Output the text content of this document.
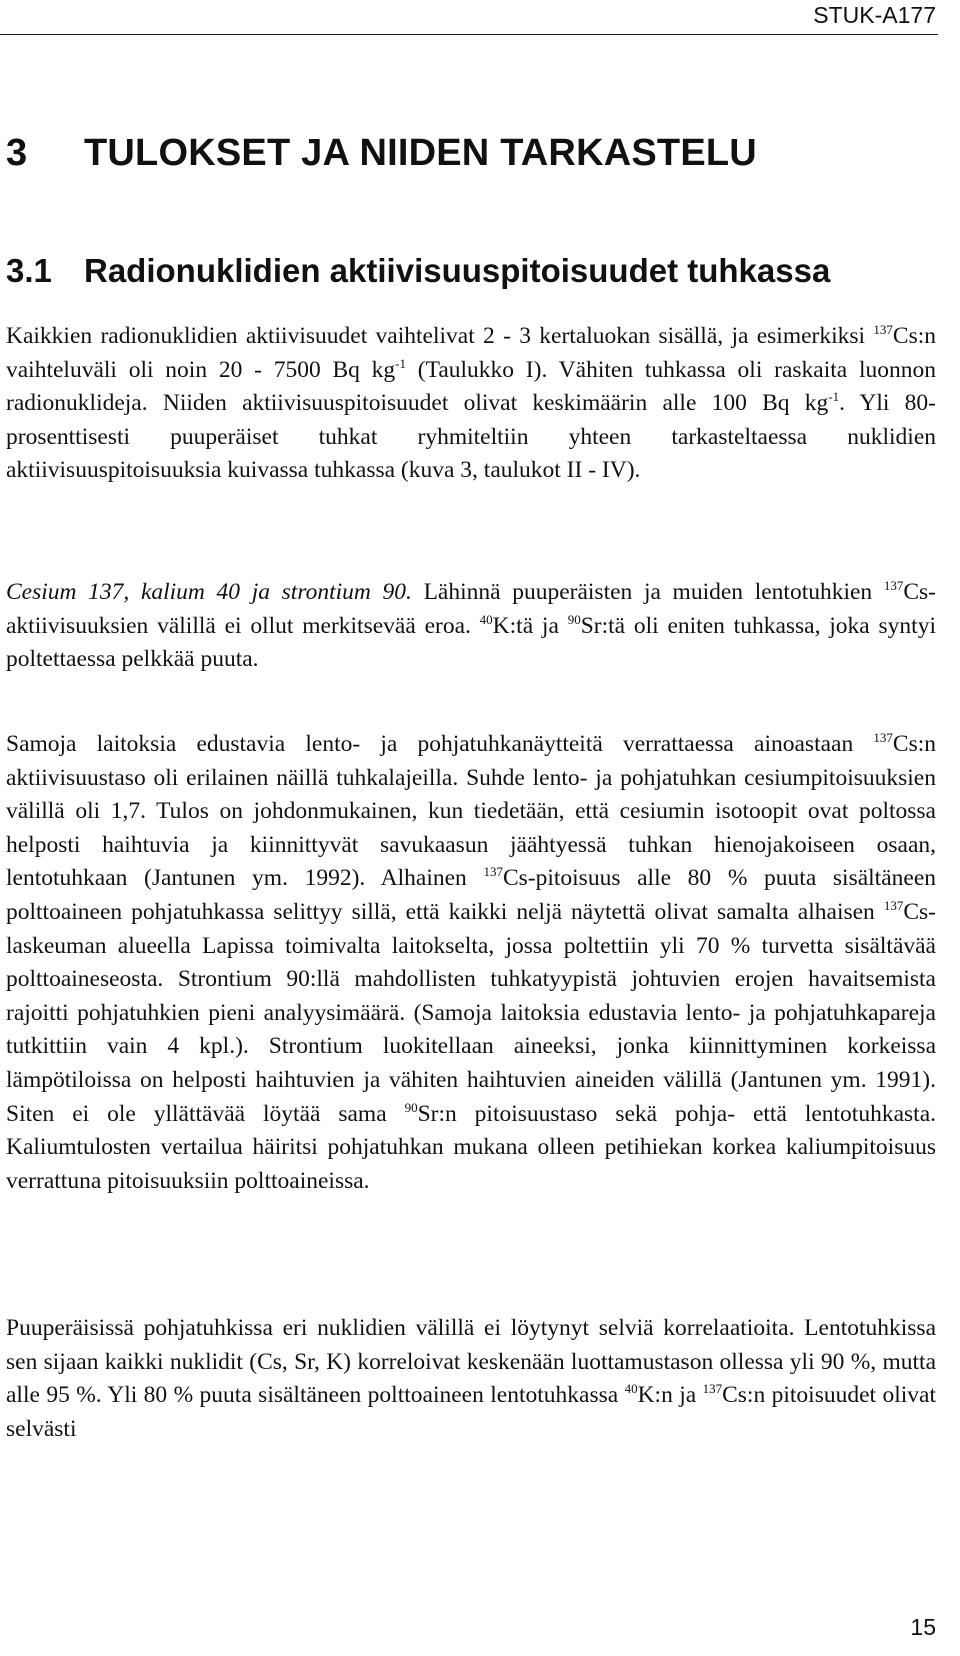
STUK-A177
3 TULOKSET JA NIIDEN TARKASTELU
3.1 Radionuklidien aktiivisuuspitoisuudet tuhkassa

Kaikkien radionuklidien aktiivisuudet vaihtelivat 2 - 3 kertaluokan sisällä, ja esimerkiksi $^{137}$Cs:n vaihteluväli oli noin 20 - 7500 Bq $kg^{-1}$ (Taulukko I). Vähiten tuhkassa oli raskaita luonnon radionuklideja. Niiden aktiivisuuspitoisuudet olivat keskimäärin alle 100 Bq $kg^{-1}$. Yli 80-prosenttisesti puuperäiset tuhkat ryhmiteltiin yhteen tarkasteltaessa nuklidien aktiivisuuspitoisuuksia kuivassa tuhkassa (kuva 3, taulukot II - IV).

Cesium 137, kalium 40 ja strontium 90. Lähinnä puuperäisten ja muiden lentotuhkien $^{137}$Cs-aktiivisuuksien välillä ei ollut merkitsevää eroa. $^{40}$K:tä ja $^{90}$Sr:tä oli eniten tuhkassa, joka syntyi poltettaessa pelkkää puuta.

Samoja laitoksia edustavia lento- ja pohjatuhkanäytteitä verrattaessa ainoastaan $^{137}$Cs:n aktiivisuustaso oli erilainen näillä tuhkalajeilla. Suhde lento- ja pohjatuhkan cesiumpitoisuuksien välillä oli 1,7. Tulos on johdonmukainen, kun tiedetään, että cesiumin isotoopit ovat poltossa helposti haihtuvia ja kiinnittyvät savukaasun jäähtyessä tuhkan hienojakoiseen osaan, lentotuhkaan (Jantunen ym. 1992). Alhainen $^{137}$Cs-pitoisuus alle 80 % puuta sisältäneen polttoaineen pohjatuhkassa selittyy sillä, että kaikki neljä näytettä olivat samalta alhaisen $^{137}$Cs-laskeuman alueella Lapissa toimivalta laitokselta, jossa poltettiin yli 70 % turvetta sisältävää polttoaineseosta. Strontium 90:llä mahdollisten tuhkatyypistä johtuvien erojen havaitsemista rajoitti pohjatuhkien pieni analyysimäärä. (Samoja laitoksia edustavia lento- ja pohjatuhkapareja tutkittiin vain 4 kpl.). Strontium luokitellaan aineeksi, jonka kiinnittyminen korkeissa lämpötiloissa on helposti haihtuvien ja vähiten haihtuvien aineiden välillä (Jantunen ym. 1991). Siten ei ole yllättävää löytää sama $^{90}$Sr:n pitoisuustaso sekä pohja- että lentotuhkasta. Kaliumtulosten vertailua häiritsi pohjatuhkan mukana olleen petihiekan korkea kaliumpitoisuus verrattuna pitoisuuksiin polttoaineissa.

Puuperäisissä pohjatuhkissa eri nuklidien välillä ei löytynyt selviä korrelaatioita. Lentotuhkissa sen sijaan kaikki nuklidit (Cs, Sr, K) korreloivat keskenään luottamustason ollessa yli 90 %, mutta alle 95 %. Yli 80 % puuta sisältäneen polttoaineen lentotuhkassa $^{40}$K:n ja $^{137}$Cs:n pitoisuudet olivat selvästi

15
